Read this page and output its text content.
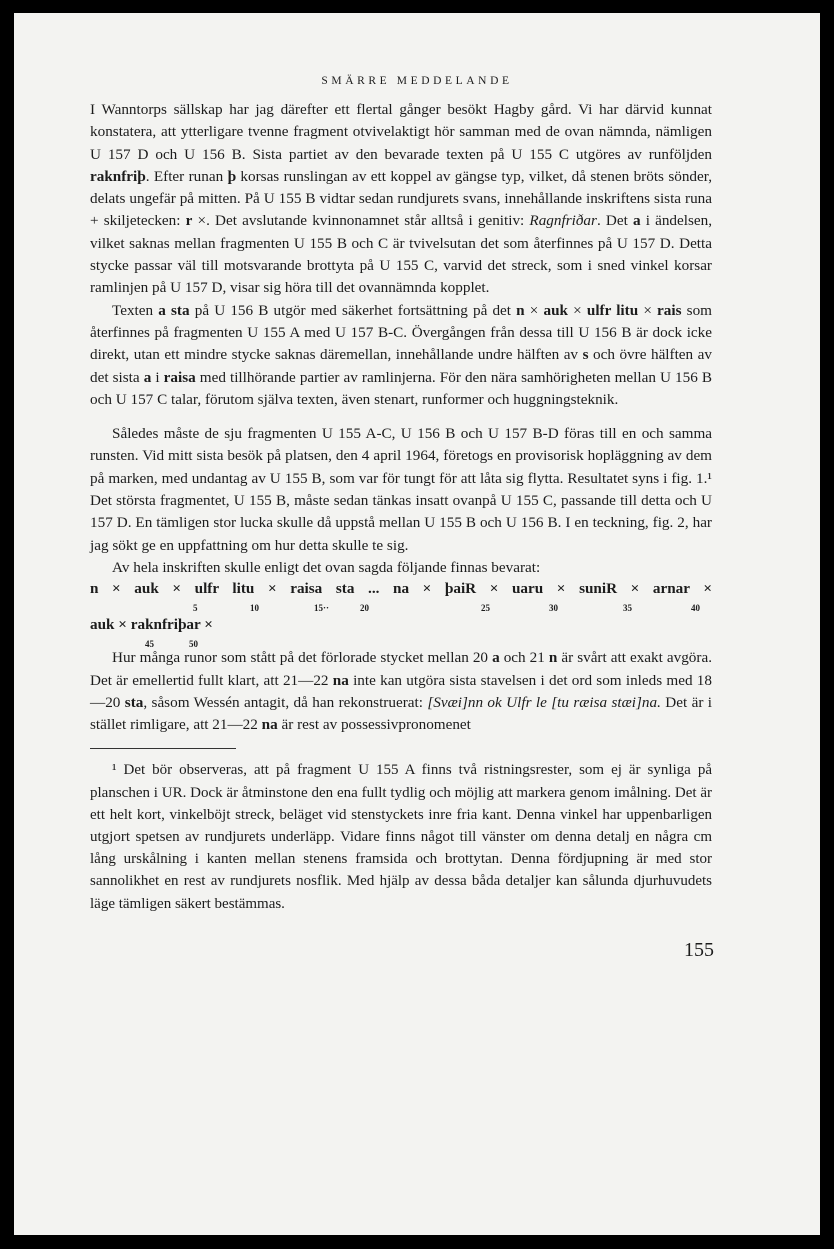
SMÄRRE MEDDELANDE

I Wanntorps sällskap har jag därefter ett flertal gånger besökt Hagby gård. Vi har därvid kunnat konstatera, att ytterligare tvenne fragment otvivelaktigt hör samman med de ovan nämnda, nämligen U 157 D och U 156 B. Sista partiet av den bevarade texten på U 155 C utgöres av runföljden raknfriþ. Efter runan þ korsas runslingan av ett koppel av gängse typ, vilket, då stenen bröts sönder, delats ungefär på mitten. På U 155 B vidtar sedan rundjurets svans, innehållande inskriftens sista runa + skiljetecken: r ×. Det avslutande kvinnonamnet står alltså i genitiv: Ragnfriðar. Det a i ändelsen, vilket saknas mellan fragmenten U 155 B och C är tvivelsutan det som återfinnes på U 157 D. Detta stycke passar väl till motsvarande brottyta på U 155 C, varvid det streck, som i sned vinkel korsar ramlinjen på U 157 D, visar sig höra till det ovannämnda kopplet.

Texten a sta på U 156 B utgör med säkerhet fortsättning på det n × auk × ulfr litu × rais som återfinnes på fragmenten U 155 A med U 157 B-C. Övergången från dessa till U 156 B är dock icke direkt, utan ett mindre stycke saknas däremellan, innehållande undre hälften av s och övre hälften av det sista a i raisa med tillhörande partier av ramlinjerna. För den nära samhörigheten mellan U 156 B och U 157 C talar, förutom själva texten, även stenart, runformer och huggningsteknik.

Således måste de sju fragmenten U 155 A-C, U 156 B och U 157 B-D föras till en och samma runsten. Vid mitt sista besök på platsen, den 4 april 1964, företogs en provisorisk hopläggning av dem på marken, med undantag av U 155 B, som var för tungt för att låta sig flytta. Resultatet syns i fig. 1.¹ Det största fragmentet, U 155 B, måste sedan tänkas insatt ovanpå U 155 C, passande till detta och U 157 D. En tämligen stor lucka skulle då uppstå mellan U 155 B och U 156 B. I en teckning, fig. 2, har jag sökt ge en uppfattning om hur detta skulle te sig.

Av hela inskriften skulle enligt det ovan sagda följande finnas bevarat:

n × auk × ulfr litu × raisa sta ... na × þaiR × uaru × suniR × arnar ×
5	10	15··	20	25	30	35	40
auk × raknfriþar ×
45	50

Hur många runor som stått på det förlorade stycket mellan 20 a och 21 n är svårt att exakt avgöra. Det är emellertid fullt klart, att 21—22 na inte kan utgöra sista stavelsen i det ord som inleds med 18—20 sta, såsom Wessén antagit, då han rekonstruerat: [Svæi]nn ok Ulfr le [tu ræisa stæi]na. Det är i stället rimligare, att 21—22 na är rest av possessivpronomenet

¹ Det bör observeras, att på fragment U 155 A finns två ristningsrester, som ej är synliga på planschen i UR. Dock är åtminstone den ena fullt tydlig och möjlig att markera genom imålning. Det är ett helt kort, vinkelböjt streck, beläget vid stenstyckets inre fria kant. Denna vinkel har uppenbarligen utgjort spetsen av rundjurets underläpp. Vidare finns något till vänster om denna detalj en några cm lång urskålning i kanten mellan stenens framsida och brottytan. Denna fördjupning är med stor sannolikhet en rest av rundjurets nosflik. Med hjälp av dessa båda detaljer kan sålunda djurhuvudets läge tämligen säkert bestämmas.

155
